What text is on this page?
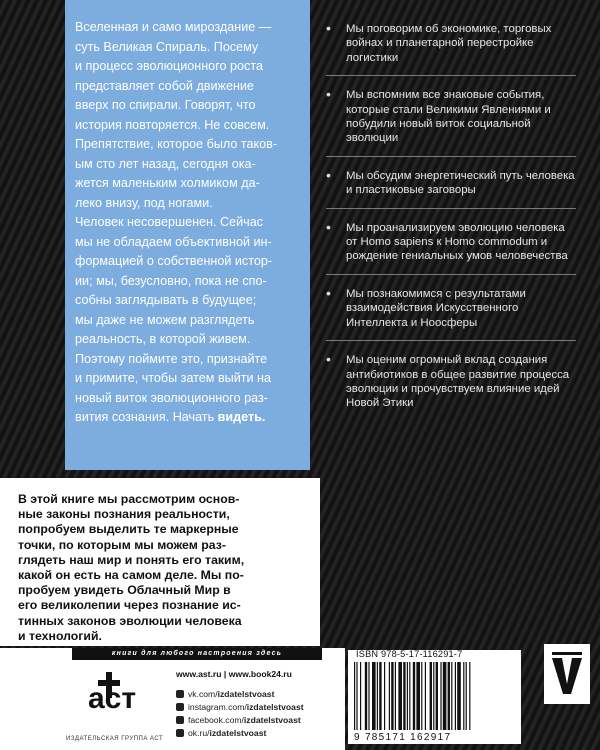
Вселенная и само мироздание —
суть Великая Спираль. Посему
и процесс эволюционного роста
представляет собой движение
вверх по спирали. Говорят, что
история повторяется. Не совсем.
Препятствие, которое было таков-
ым сто лет назад, сегодня ока-
жется маленьким холмиком да-
леко внизу, под ногами.
Человек несовершенен. Сейчас
мы не обладаем объективной ин-
формацией о собственной истор-
ии; мы, безусловно, пока не спо-
собны заглядывать в будущее;
мы даже не можем разглядеть
реальность, в которой живем.
Поэтому поймите это, признайте
и примите, чтобы затем выйти на
новый виток эволюционного раз-
вития сознания. Начать видеть.

• Мы поговорим об экономике, торговых войнах и планетарной перестройке логистики
• Мы вспомним все знаковые события, которые стали Великими Явлениями и побудили новый виток социальной эволюции
• Мы обсудим энергетический путь человека и пластиковые заговоры
• Мы проанализируем эволюцию человека от Homo sapiens к Homo commodum и рождение гениальных умов человечества
• Мы познакомимся с результатами взаимодействия Искусственного Интеллекта и Ноосферы
• Мы оценим огромный вклад создания антибиотиков в общее развитие процесса эволюции и прочувствуем влияние идей Новой Этики
В этой книге мы рассмотрим основ-
ные законы познания реальности,
попробуем выделить те маркерные
точки, по которым мы можем раз-
глядеть наш мир и понять его таким,
какой он есть на самом деле. Мы по-
пробуем увидеть Облачный Мир в
его великолепии через познание ис-
тинных законов эволюции человека
и технологий.
книги для любого настроения здесь
аст
ИЗДАТЕЛЬСКАЯ ГРУППА АСТ
www.ast.ru | www.book24.ru
vk.com/ izdatelstvoast
instagram.com/ izdatelstvoast
facebook.com/ izdatelstvoast
ok.ru/ izdatelstvoast
ISBN 978-5-17-116291-7
9 785171 162917
